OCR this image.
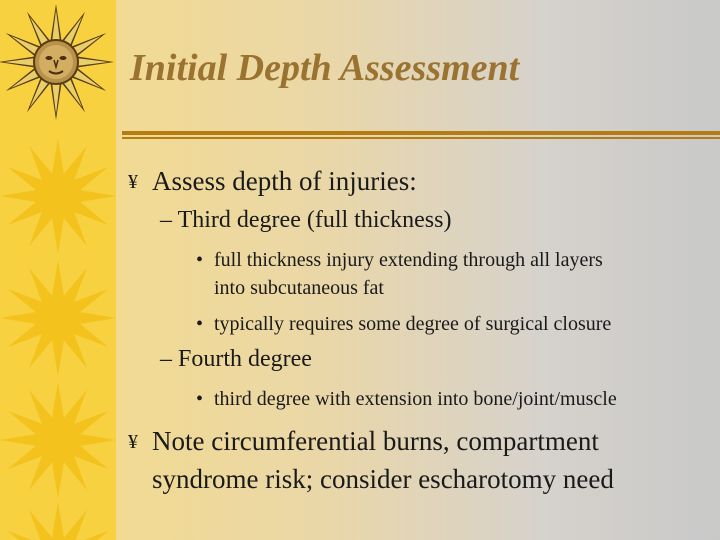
Initial Depth Assessment
¥ Assess depth of injuries:
– Third degree (full thickness)
• full thickness injury extending through all layers
into subcutaneous fat
• typically requires some degree of surgical closure
– Fourth degree
• third degree with extension into bone/joint/muscle
¥ Note circumferential burns, compartment
syndrome risk; consider escharotomy need
